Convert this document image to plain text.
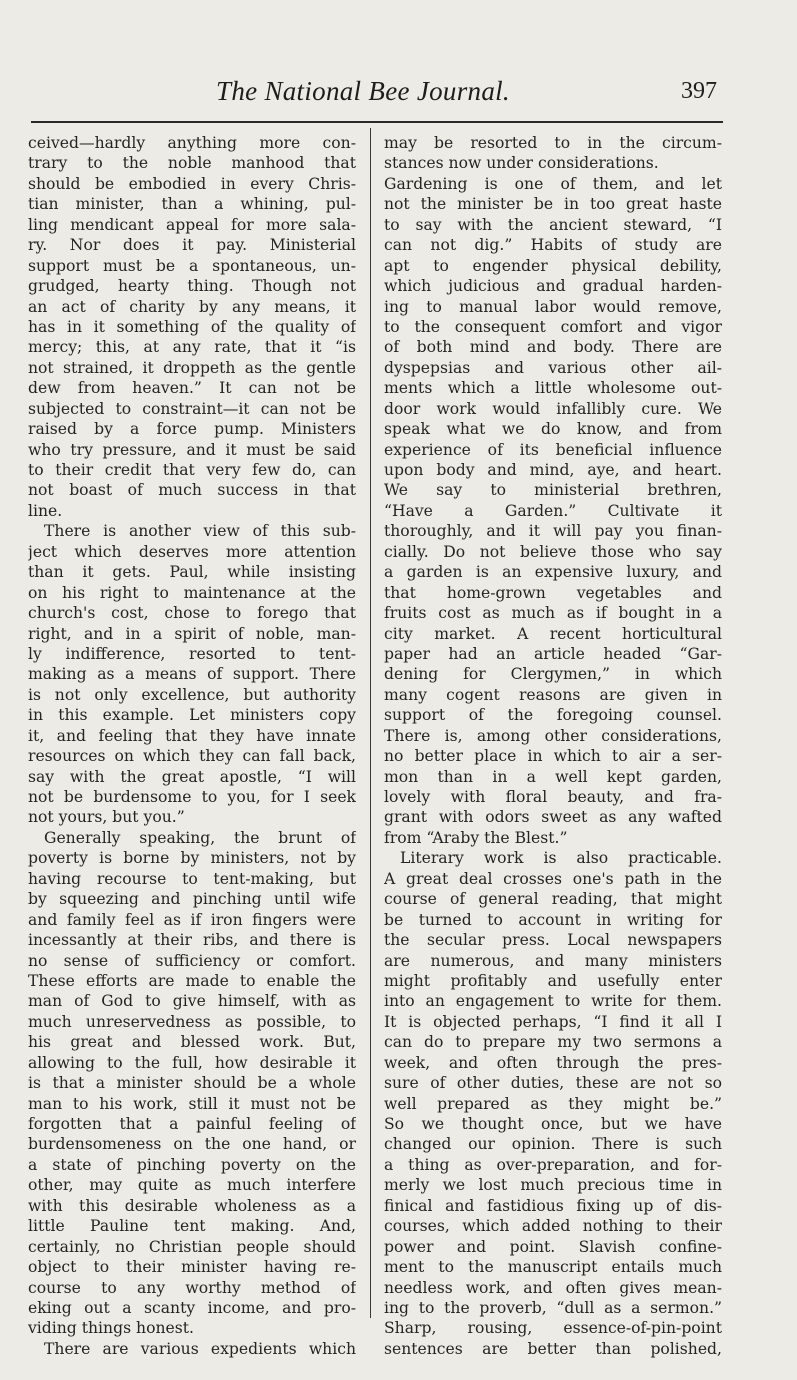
The National Bee Journal.	397
ceived—hardly anything more con-
trary to the noble manhood that
should be embodied in every Chris-
tian minister, than a whining, pul-
ling mendicant appeal for more sala-
ry. Nor does it pay. Ministerial
support must be a spontaneous, un-
grudged, hearty thing. Though not
an act of charity by any means, it
has in it something of the quality of
mercy; this, at any rate, that it “is
not strained, it droppeth as the gentle
dew from heaven.” It can not be
subjected to constraint—it can not be
raised by a force pump. Ministers
who try pressure, and it must be said
to their credit that very few do, can
not boast of much success in that
line.
There is another view of this sub-
ject which deserves more attention
than it gets. Paul, while insisting
on his right to maintenance at the
church's cost, chose to forego that
right, and in a spirit of noble, man-
ly indifference, resorted to tent-
making as a means of support. There
is not only excellence, but authority
in this example. Let ministers copy
it, and feeling that they have innate
resources on which they can fall back,
say with the great apostle, “I will
not be burdensome to you, for I seek
not yours, but you.”
Generally speaking, the brunt of
poverty is borne by ministers, not by
having recourse to tent-making, but
by squeezing and pinching until wife
and family feel as if iron fingers were
incessantly at their ribs, and there is
no sense of sufficiency or comfort.
These efforts are made to enable the
man of God to give himself, with as
much unreservedness as possible, to
his great and blessed work. But,
allowing to the full, how desirable it
is that a minister should be a whole
man to his work, still it must not be
forgotten that a painful feeling of
burdensomeness on the one hand, or
a state of pinching poverty on the
other, may quite as much interfere
with this desirable wholeness as a
little Pauline tent making. And,
certainly, no Christian people should
object to their minister having re-
course to any worthy method of
eking out a scanty income, and pro-
viding things honest.
There are various expedients which
may be resorted to in the circum-
stances now under considerations.
Gardening is one of them, and let
not the minister be in too great haste
to say with the ancient steward, “I
can not dig.” Habits of study are
apt to engender physical debility,
which judicious and gradual harden-
ing to manual labor would remove,
to the consequent comfort and vigor
of both mind and body. There are
dyspepsias and various other ail-
ments which a little wholesome out-
door work would infallibly cure. We
speak what we do know, and from
experience of its beneficial influence
upon body and mind, aye, and heart.
We say to ministerial brethren,
“Have a Garden.” Cultivate it
thoroughly, and it will pay you finan-
cially. Do not believe those who say
a garden is an expensive luxury, and
that home-grown vegetables and
fruits cost as much as if bought in a
city market. A recent horticultural
paper had an article headed “Gar-
dening for Clergymen,” in which
many cogent reasons are given in
support of the foregoing counsel.
There is, among other considerations,
no better place in which to air a ser-
mon than in a well kept garden,
lovely with floral beauty, and fra-
grant with odors sweet as any wafted
from “Araby the Blest.”
Literary work is also practicable.
A great deal crosses one's path in the
course of general reading, that might
be turned to account in writing for
the secular press. Local newspapers
are numerous, and many ministers
might profitably and usefully enter
into an engagement to write for them.
It is objected perhaps, “I find it all I
can do to prepare my two sermons a
week, and often through the pres-
sure of other duties, these are not so
well prepared as they might be.”
So we thought once, but we have
changed our opinion. There is such
a thing as over-preparation, and for-
merly we lost much precious time in
finical and fastidious fixing up of dis-
courses, which added nothing to their
power and point. Slavish confine-
ment to the manuscript entails much
needless work, and often gives mean-
ing to the proverb, “dull as a sermon.”
Sharp, rousing, essence-of-pin-point
sentences are better than polished,
